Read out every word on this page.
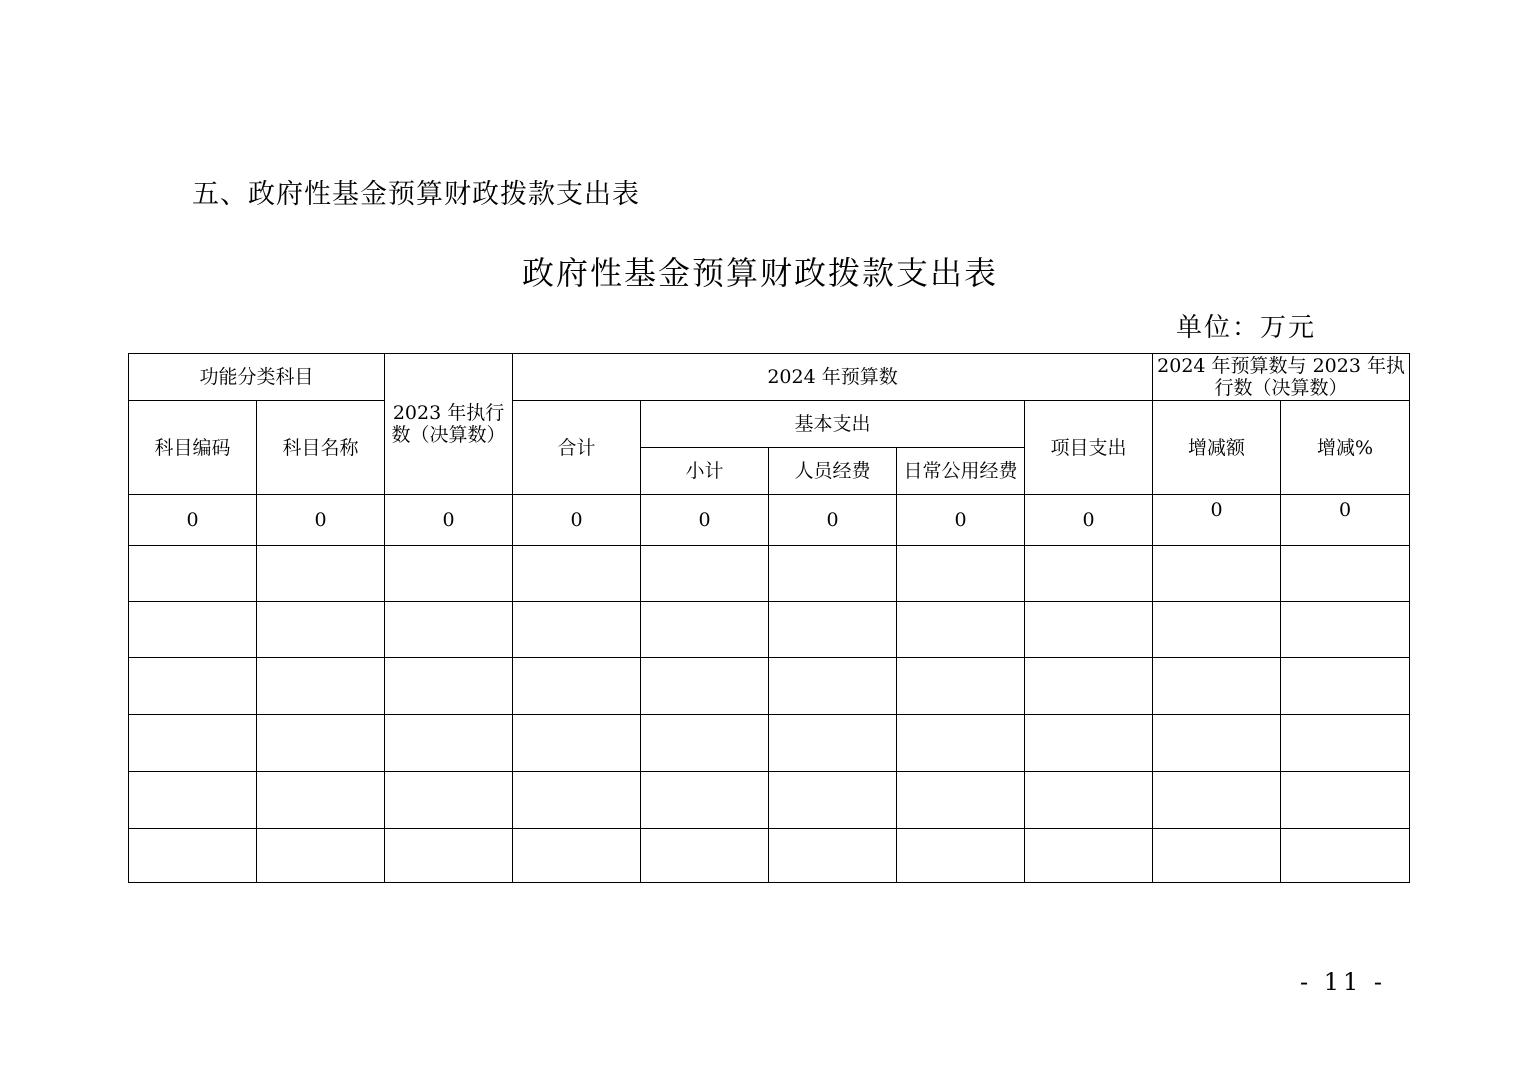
五、政府性基金预算财政拨款支出表
政府性基金预算财政拨款支出表
单位：万元
功能分类科目		2023 年执行数（决算数）	2024 年预算数					2024 年预算数与 2023 年执行数（决算数）	
科目编码	科目名称		合计	基本支出			项目支出	增减额	增减%
				小计	人员经费	日常公用经费			
0	0	0	0	0	0	0	0	0	0

- 11 -
